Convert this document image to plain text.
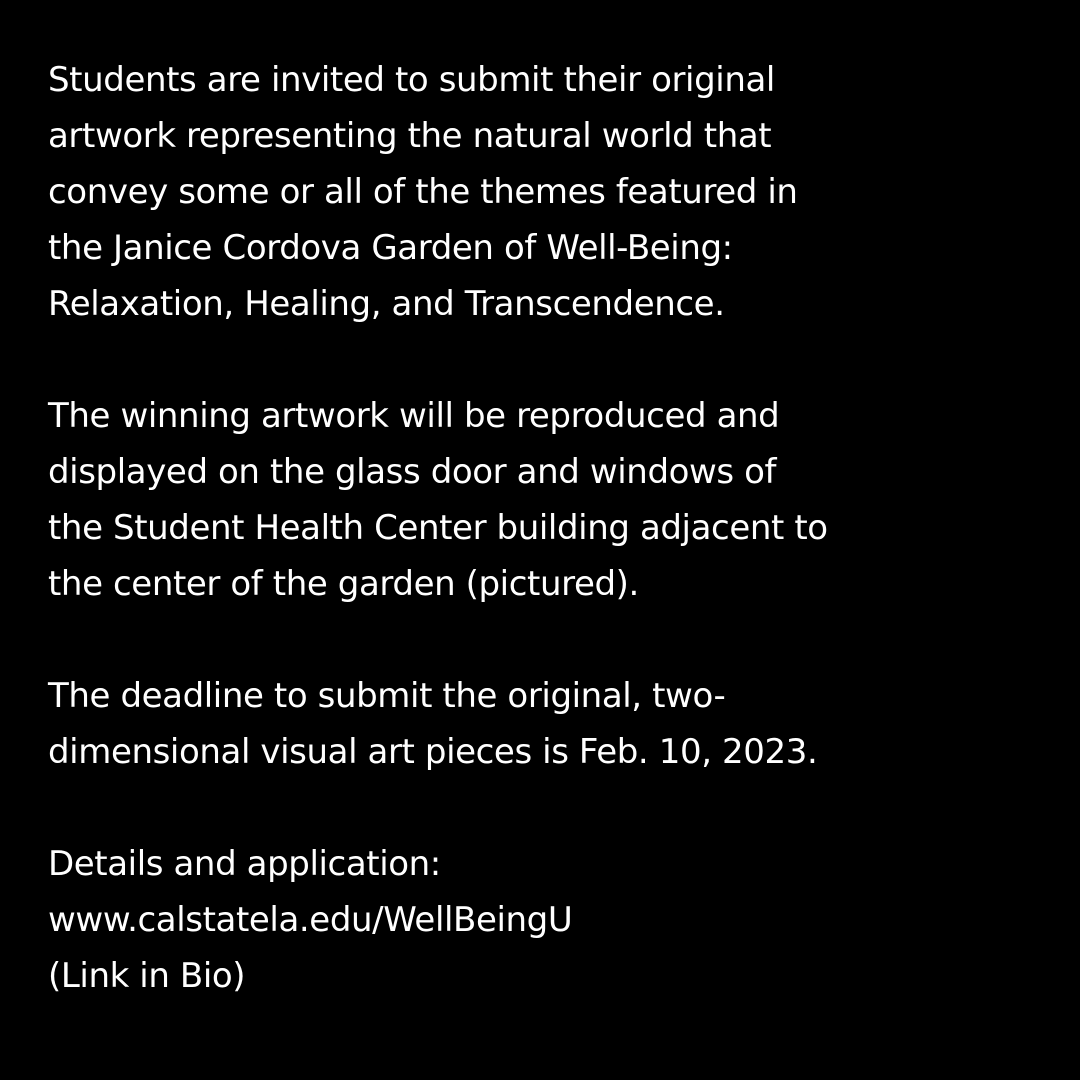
Students are invited to submit their original

artwork representing the natural world that

convey some or all of the themes featured in

the Janice Cordova Garden of Well-Being:

Relaxation, Healing, and Transcendence.

The winning artwork will be reproduced and

displayed on the glass door and windows of

the Student Health Center building adjacent to

the center of the garden (pictured).

The deadline to submit the original, two-

dimensional visual art pieces is Feb. 10, 2023.

Details and application:

www.calstatela.edu/WellBeingU

(Link in Bio)
